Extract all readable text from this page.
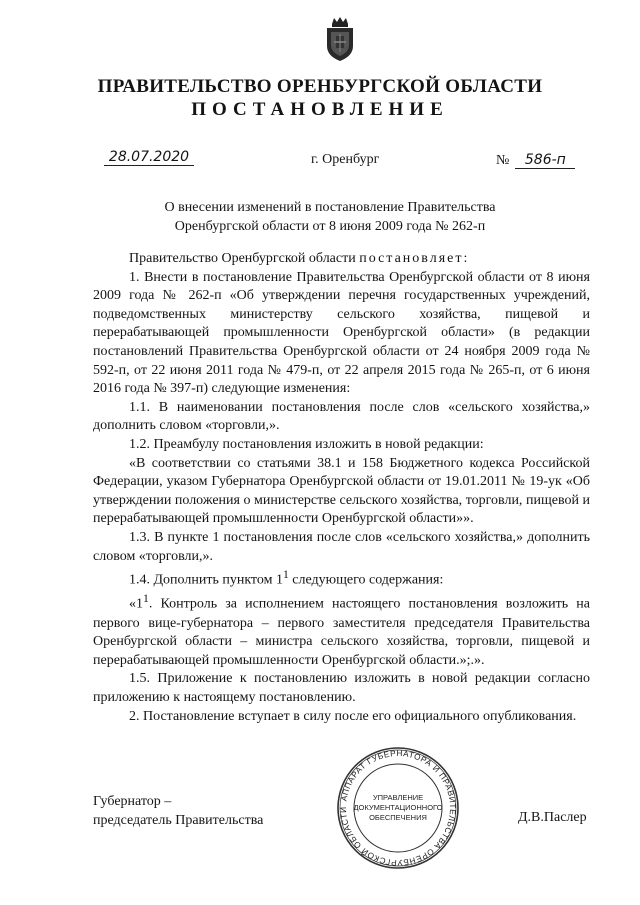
ПРАВИТЕЛЬСТВО ОРЕНБУРГСКОЙ ОБЛАСТИ
ПОСТАНОВЛЕНИЕ
28.07.2020	г. Оренбург	№ 586-п
О внесении изменений в постановление Правительства
Оренбургской области от 8 июня 2009 года № 262-п

Правительство Оренбургской области постановляет:

1. Внести в постановление Правительства Оренбургской области от 8 июня 2009 года № 262-п «Об утверждении перечня государственных учреждений, подведомственных министерству сельского хозяйства, пищевой и перерабатывающей промышленности Оренбургской области» (в редакции постановлений Правительства Оренбургской области от 24 ноября 2009 года № 592-п, от 22 июня 2011 года № 479-п, от 22 апреля 2015 года № 265-п, от 6 июня 2016 года № 397-п) следующие изменения:

1.1. В наименовании постановления после слов «сельского хозяйства,» дополнить словом «торговли,».

1.2. Преамбулу постановления изложить в новой редакции:

«В соответствии со статьями 38.1 и 158 Бюджетного кодекса Российской Федерации, указом Губернатора Оренбургской области от 19.01.2011 № 19-ук «Об утверждении положения о министерстве сельского хозяйства, торговли, пищевой и перерабатывающей промышленности Оренбургской области»».

1.3. В пункте 1 постановления после слов «сельского хозяйства,» дополнить словом «торговли,».

1.4. Дополнить пунктом $1^1$ следующего содержания:

«$1^1$. Контроль за исполнением настоящего постановления возложить на первого вице-губернатора – первого заместителя председателя Правительства Оренбургской области – министра сельского хозяйства, торговли, пищевой и перерабатывающей промышленности Оренбургской области.»;.».

1.5. Приложение к постановлению изложить в новой редакции согласно приложению к настоящему постановлению.

2. Постановление вступает в силу после его официального опубликования.

Губернатор –
председатель Правительства	Д.В.Паслер
АППАРАТ ГУБЕРНАТОРА И ПРАВИТЕЛЬСТВА ОРЕНБУРГСКОЙ ОБЛАСТИ
УПРАВЛЕНИЕ
ДОКУМЕНТАЦИОННОГО
ОБЕСПЕЧЕНИЯ
